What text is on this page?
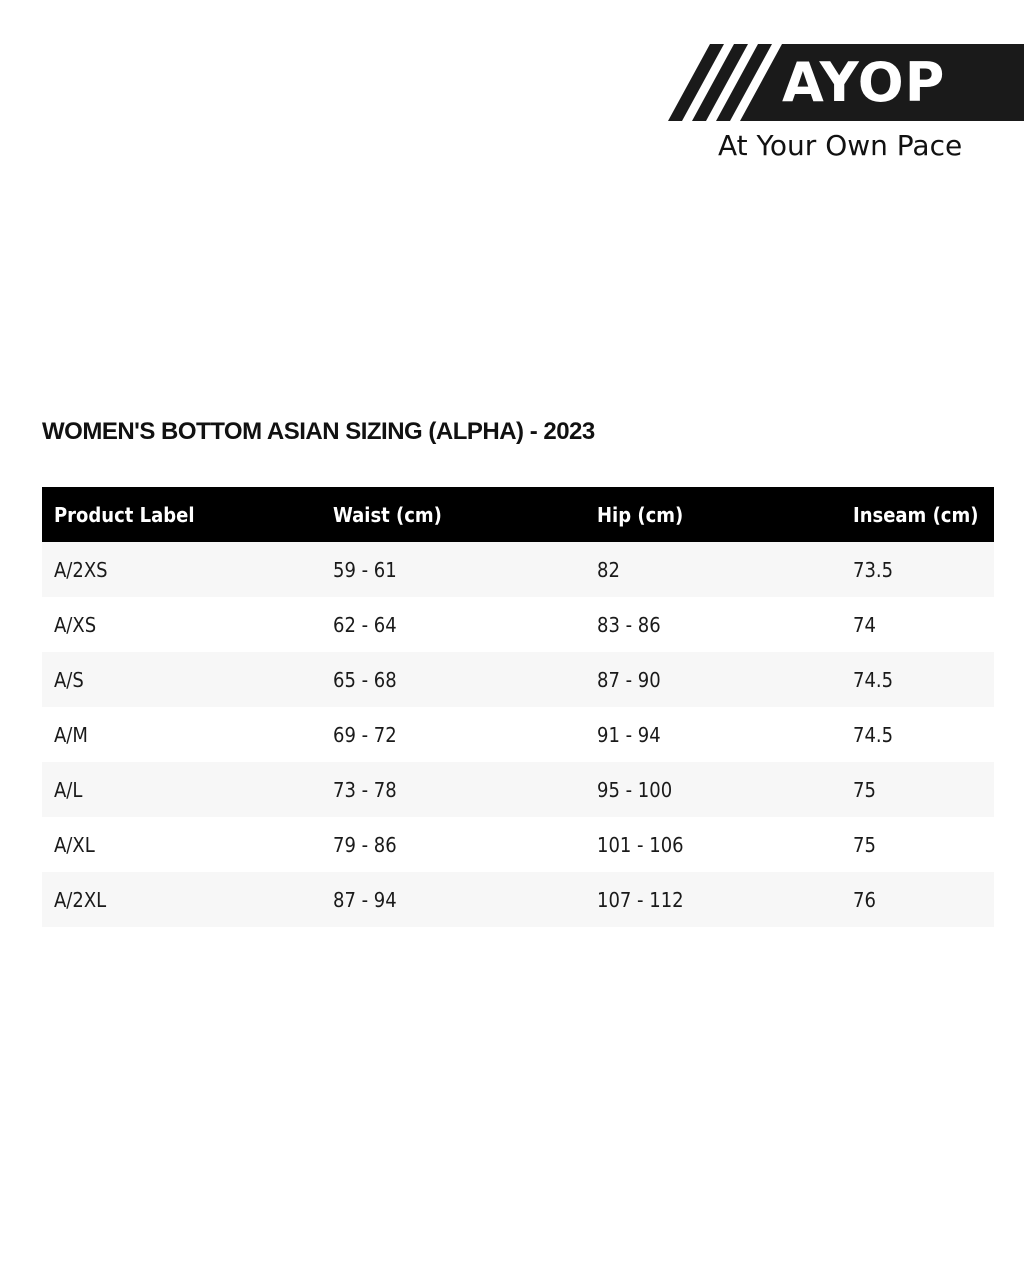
AYOP
At Your Own Pace
WOMEN'S BOTTOM ASIAN SIZING (ALPHA) - 2023
Product Label	Waist (cm)	Hip (cm)	Inseam (cm)
A/2XS	59 - 61	82	73.5
A/XS	62 - 64	83 - 86	74
A/S	65 - 68	87 - 90	74.5
A/M	69 - 72	91 - 94	74.5
A/L	73 - 78	95 - 100	75
A/XL	79 - 86	101 - 106	75
A/2XL	87 - 94	107 - 112	76
